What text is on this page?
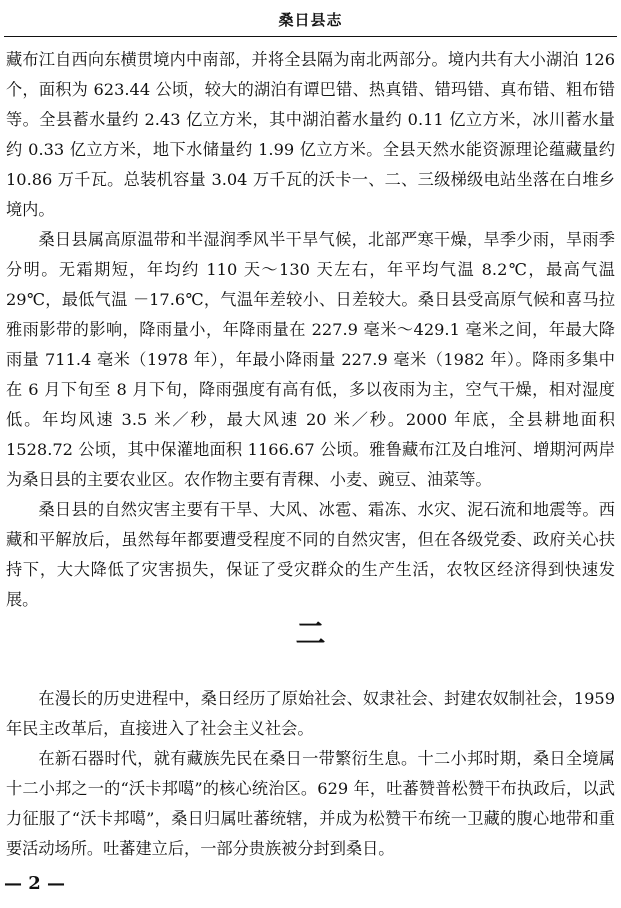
桑日县志

藏布江自西向东横贯境内中南部，并将全县隔为南北两部分。境内共有大小湖泊 126 个，面积为 623.44 公顷，较大的湖泊有谭巴错、热真错、错玛错、真布错、粗布错等。全县蓄水量约 2.43 亿立方米，其中湖泊蓄水量约 0.11 亿立方米，冰川蓄水量约 0.33 亿立方米，地下水储量约 1.99 亿立方米。全县天然水能资源理论蕴藏量约 10.86 万千瓦。总装机容量 3.04 万千瓦的沃卡一、二、三级梯级电站坐落在白堆乡境内。

桑日县属高原温带和半湿润季风半干旱气候，北部严寒干燥，旱季少雨，旱雨季分明。无霜期短，年均约 110 天～130 天左右，年平均气温 8.2℃，最高气温 29℃，最低气温 －17.6℃，气温年差较小、日差较大。桑日县受高原气候和喜马拉雅雨影带的影响，降雨量小，年降雨量在 227.9 毫米～429.1 毫米之间，年最大降雨量 711.4 毫米（1978 年），年最小降雨量 227.9 毫米（1982 年）。降雨多集中在 6 月下旬至 8 月下旬，降雨强度有高有低，多以夜雨为主，空气干燥，相对湿度低。年均风速 3.5 米／秒，最大风速 20 米／秒。2000 年底，全县耕地面积 1528.72 公顷，其中保灌地面积 1166.67 公顷。雅鲁藏布江及白堆河、增期河两岸为桑日县的主要农业区。农作物主要有青稞、小麦、豌豆、油菜等。

桑日县的自然灾害主要有干旱、大风、冰雹、霜冻、水灾、泥石流和地震等。西藏和平解放后，虽然每年都要遭受程度不同的自然灾害，但在各级党委、政府关心扶持下，大大降低了灾害损失，保证了受灾群众的生产生活，农牧区经济得到快速发展。

二

在漫长的历史进程中，桑日经历了原始社会、奴隶社会、封建农奴制社会，1959 年民主改革后，直接进入了社会主义社会。

在新石器时代，就有藏族先民在桑日一带繁衍生息。十二小邦时期，桑日全境属十二小邦之一的“沃卡邦噶”的核心统治区。629 年，吐蕃赞普松赞干布执政后，以武力征服了“沃卡邦噶”，桑日归属吐蕃统辖，并成为松赞干布统一卫藏的腹心地带和重要活动场所。吐蕃建立后，一部分贵族被分封到桑日。

— 2 —
